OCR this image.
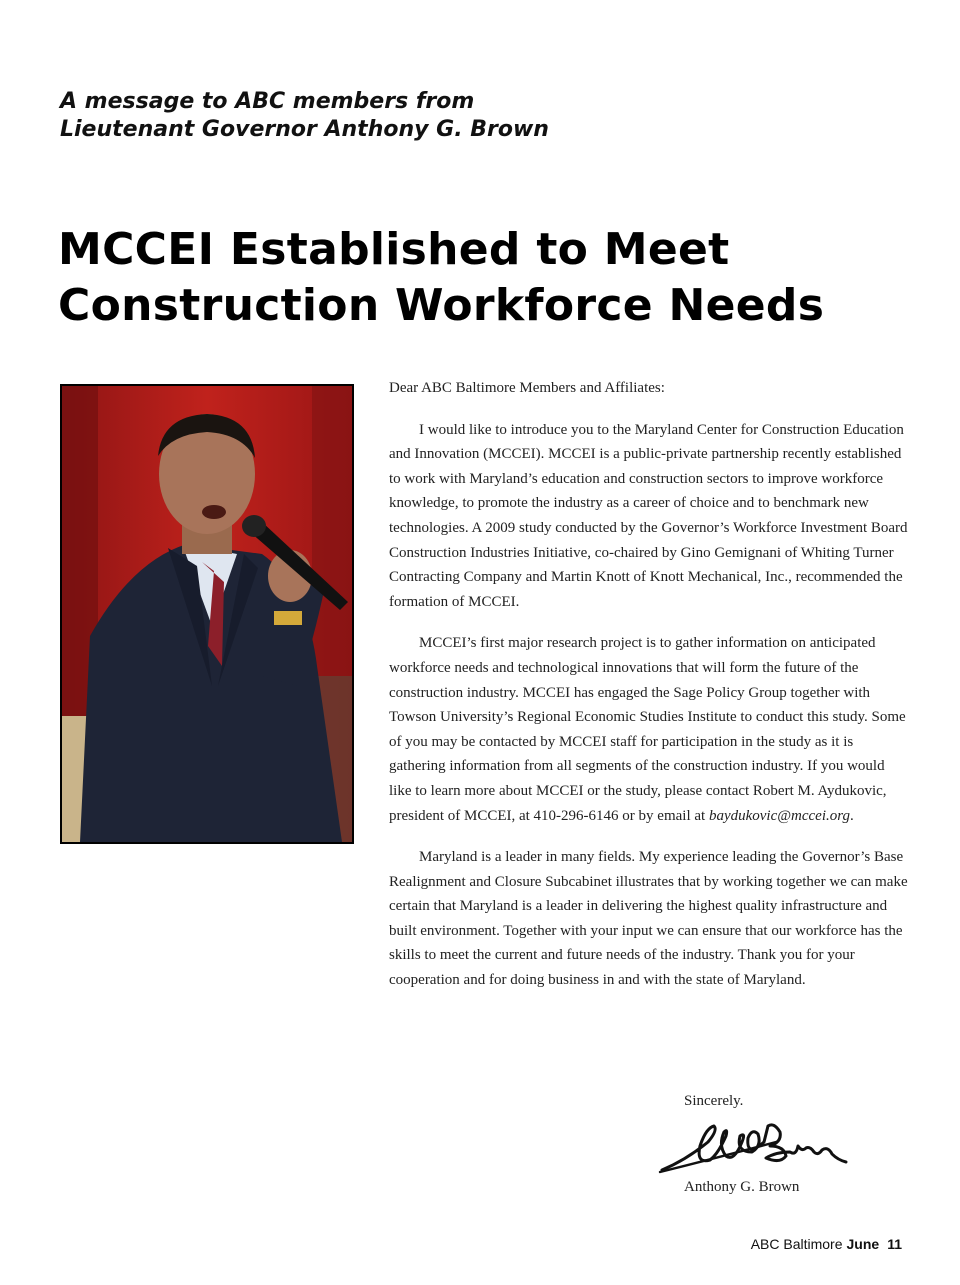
A message to ABC members from
Lieutenant Governor Anthony G. Brown
MCCEI Established to Meet
Construction Workforce Needs

Dear ABC Baltimore Members and Affiliates:

I would like to introduce you to the Maryland Center for Construction Education and Innovation (MCCEI). MCCEI is a public-private partnership recently established to work with Maryland’s education and construction sectors to improve workforce knowledge, to promote the industry as a career of choice and to benchmark new technologies. A 2009 study conducted by the Governor’s Workforce Investment Board Construction Industries Initiative, co-chaired by Gino Gemignani of Whiting Turner Contracting Company and Martin Knott of Knott Mechanical, Inc., recommended the formation of MCCEI.

MCCEI’s first major research project is to gather information on anticipated workforce needs and technological innovations that will form the future of the construction industry. MCCEI has engaged the Sage Policy Group together with Towson University’s Regional Economic Studies Institute to conduct this study. Some of you may be contacted by MCCEI staff for participation in the study as it is gathering information from all segments of the construction industry. If you would like to learn more about MCCEI or the study, please contact Robert M. Aydukovic, president of MCCEI, at 410-296-6146 or by email at baydukovic@mccei.org.

Maryland is a leader in many fields. My experience leading the Governor’s Base Realignment and Closure Subcabinet illustrates that by working together we can make certain that Maryland is a leader in delivering the highest quality infrastructure and built environment. Together with your input we can ensure that our workforce has the skills to meet the current and future needs of the industry. Thank you for your cooperation and for doing business in and with the state of Maryland.

Sincerely.
Anthony G. Brown
ABC Baltimore June 11
